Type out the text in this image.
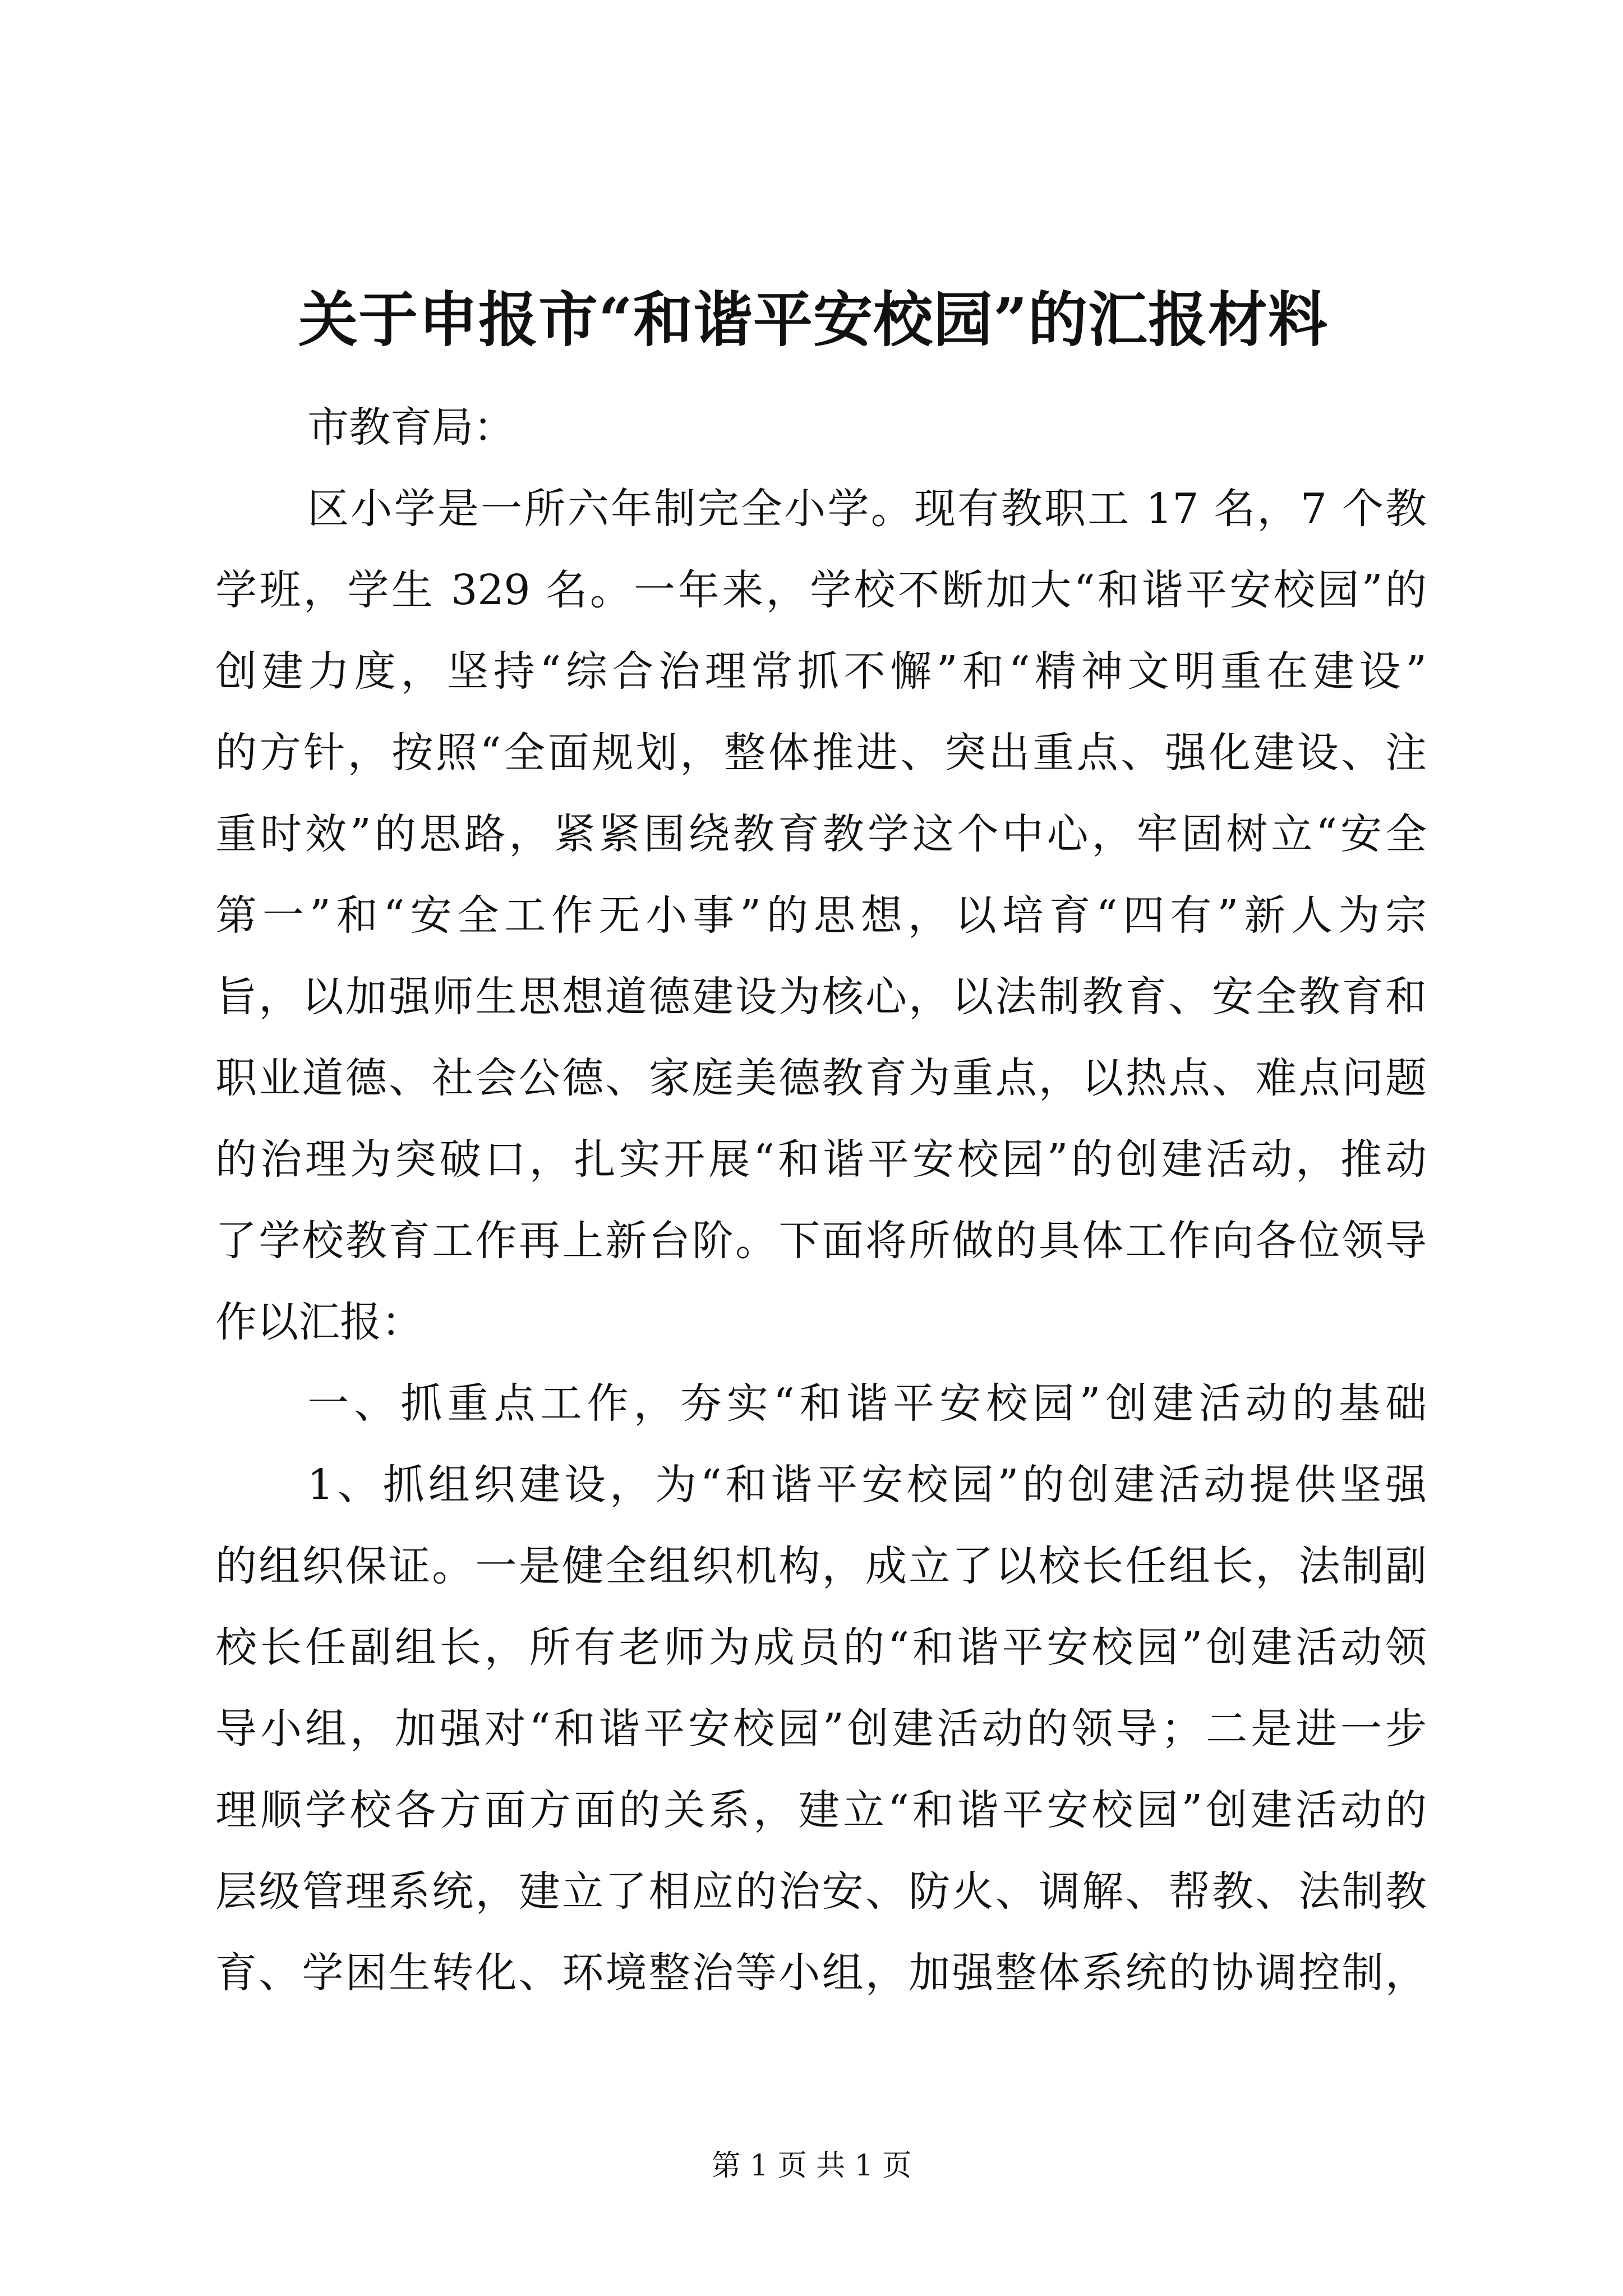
关于申报市“和谐平安校园”的汇报材料
市教育局：
区小学是一所六年制完全小学。现有教职工 17 名，7 个教
学班，学生 329 名。一年来，学校不断加大“和谐平安校园”的
创建力度，坚持“综合治理常抓不懈”和“精神文明重在建设”
的方针，按照“全面规划，整体推进、突出重点、强化建设、注
重时效”的思路，紧紧围绕教育教学这个中心，牢固树立“安全
第一”和“安全工作无小事”的思想，以培育“四有”新人为宗
旨，以加强师生思想道德建设为核心，以法制教育、安全教育和
职业道德、社会公德、家庭美德教育为重点，以热点、难点问题
的治理为突破口，扎实开展“和谐平安校园”的创建活动，推动
了学校教育工作再上新台阶。下面将所做的具体工作向各位领导
作以汇报：
一、抓重点工作，夯实“和谐平安校园”创建活动的基础
1、抓组织建设，为“和谐平安校园”的创建活动提供坚强
的组织保证。一是健全组织机构，成立了以校长任组长，法制副
校长任副组长，所有老师为成员的“和谐平安校园”创建活动领
导小组，加强对“和谐平安校园”创建活动的领导；二是进一步
理顺学校各方面方面的关系，建立“和谐平安校园”创建活动的
层级管理系统，建立了相应的治安、防火、调解、帮教、法制教
育、学困生转化、环境整治等小组，加强整体系统的协调控制，
第 1 页 共 1 页
